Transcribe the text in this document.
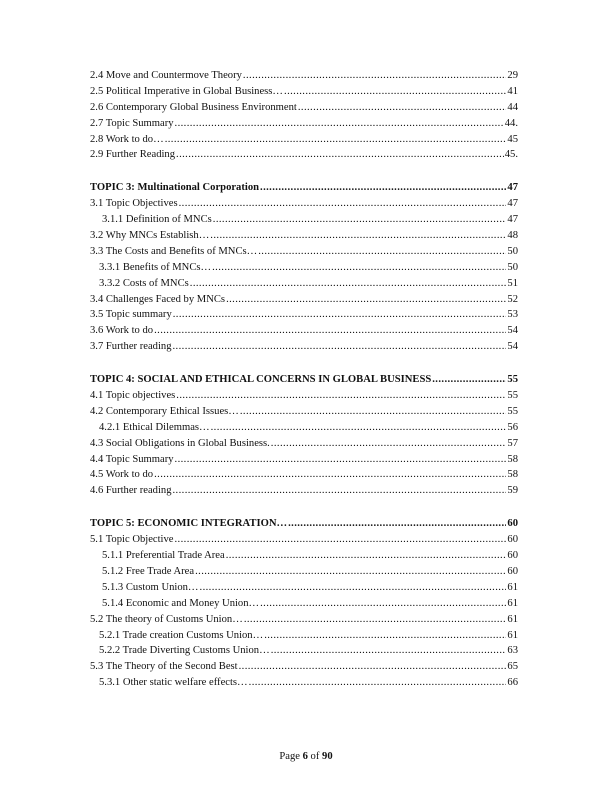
2.4 Move and Countermove Theory .....	29
2.5 Political Imperative in Global Business… .....	41
2.6 Contemporary Global Business Environment .....	44
2.7 Topic Summary .....	44.
2.8 Work to do… .....	45
2.9 Further Reading .....	45.
TOPIC 3: Multinational Corporation .....	47
3.1 Topic Objectives .....	47
3.1.1 Definition of MNCs .....	47
3.2 Why MNCs Establish… .....	48
3.3 The Costs and Benefits of MNCs… .....	50
3.3.1 Benefits of MNCs… .....	50
3.3.2 Costs of MNCs .....	51
3.4 Challenges Faced by MNCs .....	52
3.5 Topic summary .....	53
3.6 Work to do .....	54
3.7 Further reading .....	54
TOPIC 4: SOCIAL AND ETHICAL CONCERNS IN GLOBAL BUSINESS .....	55
4.1 Topic objectives .....	55
4.2 Contemporary Ethical Issues… .....	55
4.2.1 Ethical Dilemmas… .....	56
4.3 Social Obligations in Global Business. .....	57
4.4 Topic Summary .....	58
4.5 Work to do .....	58
4.6 Further reading .....	59
TOPIC 5: ECONOMIC INTEGRATION… .....	60
5.1 Topic Objective .....	60
5.1.1 Preferential Trade Area .....	60
5.1.2 Free Trade Area .....	60
5.1.3 Custom Union… .....	61
5.1.4 Economic and Money Union… .....	61
5.2 The theory of Customs Union… .....	61
5.2.1 Trade creation Customs Union… .....	61
5.2.2 Trade Diverting Customs Union… .....	63
5.3 The Theory of the Second Best .....	65
5.3.1 Other static welfare effects… .....	66
Page 6 of 90
